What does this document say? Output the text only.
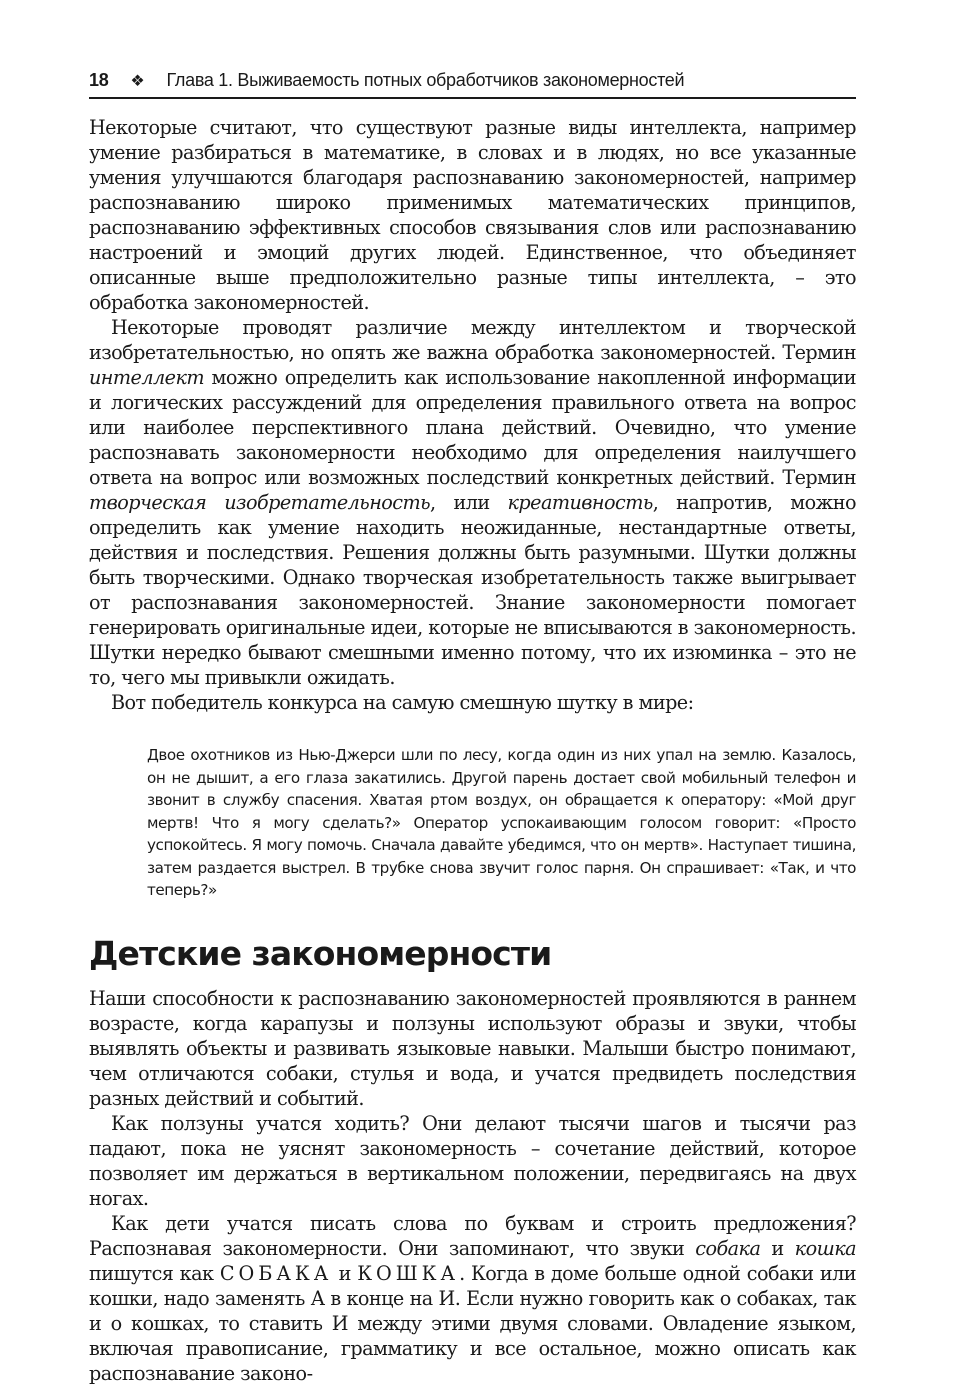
18 ❖ Глава 1. Выживаемость потных обработчиков закономерностей

Некоторые считают, что существуют разные виды интеллекта, например умение разбираться в математике, в словах и в людях, но все указанные умения улучшаются благодаря распознаванию закономерностей, например распознаванию широко применимых математических принципов, распознаванию эффективных способов связывания слов или распознаванию настроений и эмоций других людей. Единственное, что объединяет описанные выше предположительно разные типы интеллекта, – это обработка закономерностей.

Некоторые проводят различие между интеллектом и творческой изобретательностью, но опять же важна обработка закономерностей. Термин интеллект можно определить как использование накопленной информации и логических рассуждений для определения правильного ответа на вопрос или наиболее перспективного плана действий. Очевидно, что умение распознавать закономерности необходимо для определения наилучшего ответа на вопрос или возможных последствий конкретных действий. Термин творческая изобретательность, или креативность, напротив, можно определить как умение находить неожиданные, нестандартные ответы, действия и последствия. Решения должны быть разумными. Шутки должны быть творческими. Однако творческая изобретательность также выигрывает от распознавания закономерностей. Знание закономерности помогает генерировать оригинальные идеи, которые не вписываются в закономерность. Шутки нередко бывают смешными именно потому, что их изюминка – это не то, чего мы привыкли ожидать.

Вот победитель конкурса на самую смешную шутку в мире:

Двое охотников из Нью-Джерси шли по лесу, когда один из них упал на землю. Казалось, он не дышит, а его глаза закатились. Другой парень достает свой мобильный телефон и звонит в службу спасения. Хватая ртом воздух, он обращается к оператору: «Мой друг мертв! Что я могу сделать?» Оператор успокаивающим голосом говорит: «Просто успокойтесь. Я могу помочь. Сначала давайте убедимся, что он мертв». Наступает тишина, затем раздается выстрел. В трубке снова звучит голос парня. Он спрашивает: «Так, и что теперь?»
Детские закономерности

Наши способности к распознаванию закономерностей проявляются в раннем возрасте, когда карапузы и ползуны используют образы и звуки, чтобы выявлять объекты и развивать языковые навыки. Малыши быстро понимают, чем отличаются собаки, стулья и вода, и учатся предвидеть последствия разных действий и событий.

Как ползуны учатся ходить? Они делают тысячи шагов и тысячи раз падают, пока не уяснят закономерность – сочетание действий, которое позволяет им держаться в вертикальном положении, передвигаясь на двух ногах.

Как дети учатся писать слова по буквам и строить предложения? Распознавая закономерности. Они запоминают, что звуки собака и кошка пишутся как СОБАКА и КОШКА. Когда в доме больше одной собаки или кошки, надо заменять А в конце на И. Если нужно говорить как о собаках, так и о кошках, то ставить И между этими двумя словами. Овладение языком, включая правописание, грамматику и все остальное, можно описать как распознавание законо-
